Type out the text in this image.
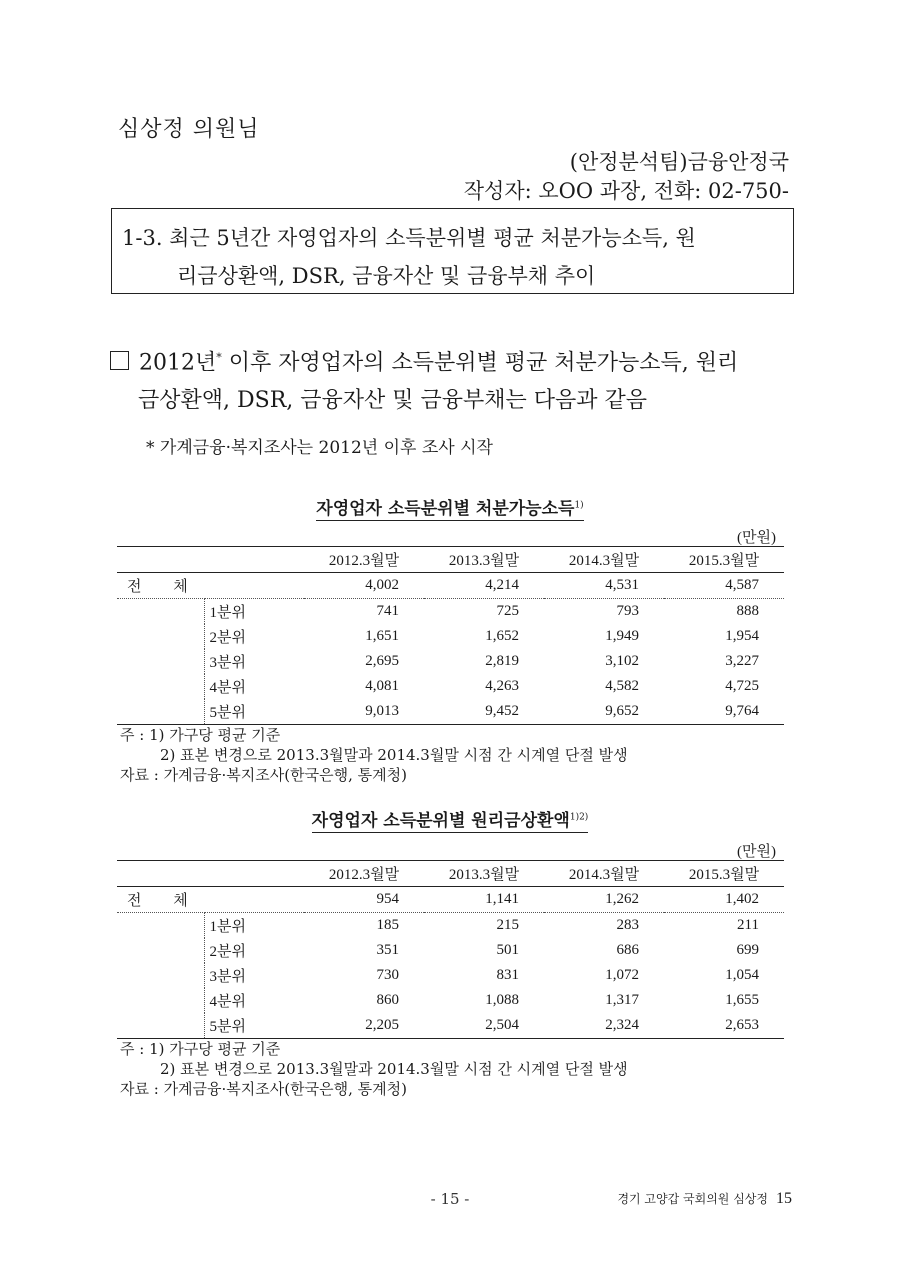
심상정 의원님
(안정분석팀)금융안정국
작성자: 오OO 과장, 전화: 02-750-
1-3. 최근 5년간 자영업자의 소득분위별 평균 처분가능소득, 원
리금상환액, DSR, 금융자산 및 금융부채 추이
2012년* 이후 자영업자의 소득분위별 평균 처분가능소득, 원리
금상환액, DSR, 금융자산 및 금융부채는 다음과 같음
* 가계금융·복지조사는 2012년 이후 조사 시작
자영업자 소득분위별 처분가능소득$^{1)}$
(만원)
		2012.3월말	2013.3월말	2014.3월말	2015.3월말
전 체		4,002	4,214	4,531	4,587
	1분위	741	725	793	888
	2분위	1,651	1,652	1,949	1,954
	3분위	2,695	2,819	3,102	3,227
	4분위	4,081	4,263	4,582	4,725
	5분위	9,013	9,452	9,652	9,764
주 : 1) 가구당 평균 기준
2) 표본 변경으로 2013.3월말과 2014.3월말 시점 간 시계열 단절 발생
자료 : 가계금융·복지조사(한국은행, 통계청)
자영업자 소득분위별 원리금상환액$^{1)2)}$
(만원)
		2012.3월말	2013.3월말	2014.3월말	2015.3월말
전 체		954	1,141	1,262	1,402
	1분위	185	215	283	211
	2분위	351	501	686	699
	3분위	730	831	1,072	1,054
	4분위	860	1,088	1,317	1,655
	5분위	2,205	2,504	2,324	2,653
주 : 1) 가구당 평균 기준
2) 표본 변경으로 2013.3월말과 2014.3월말 시점 간 시계열 단절 발생
자료 : 가계금융·복지조사(한국은행, 통계청)
- 15 -	경기 고양갑 국회의원 심상정 15
